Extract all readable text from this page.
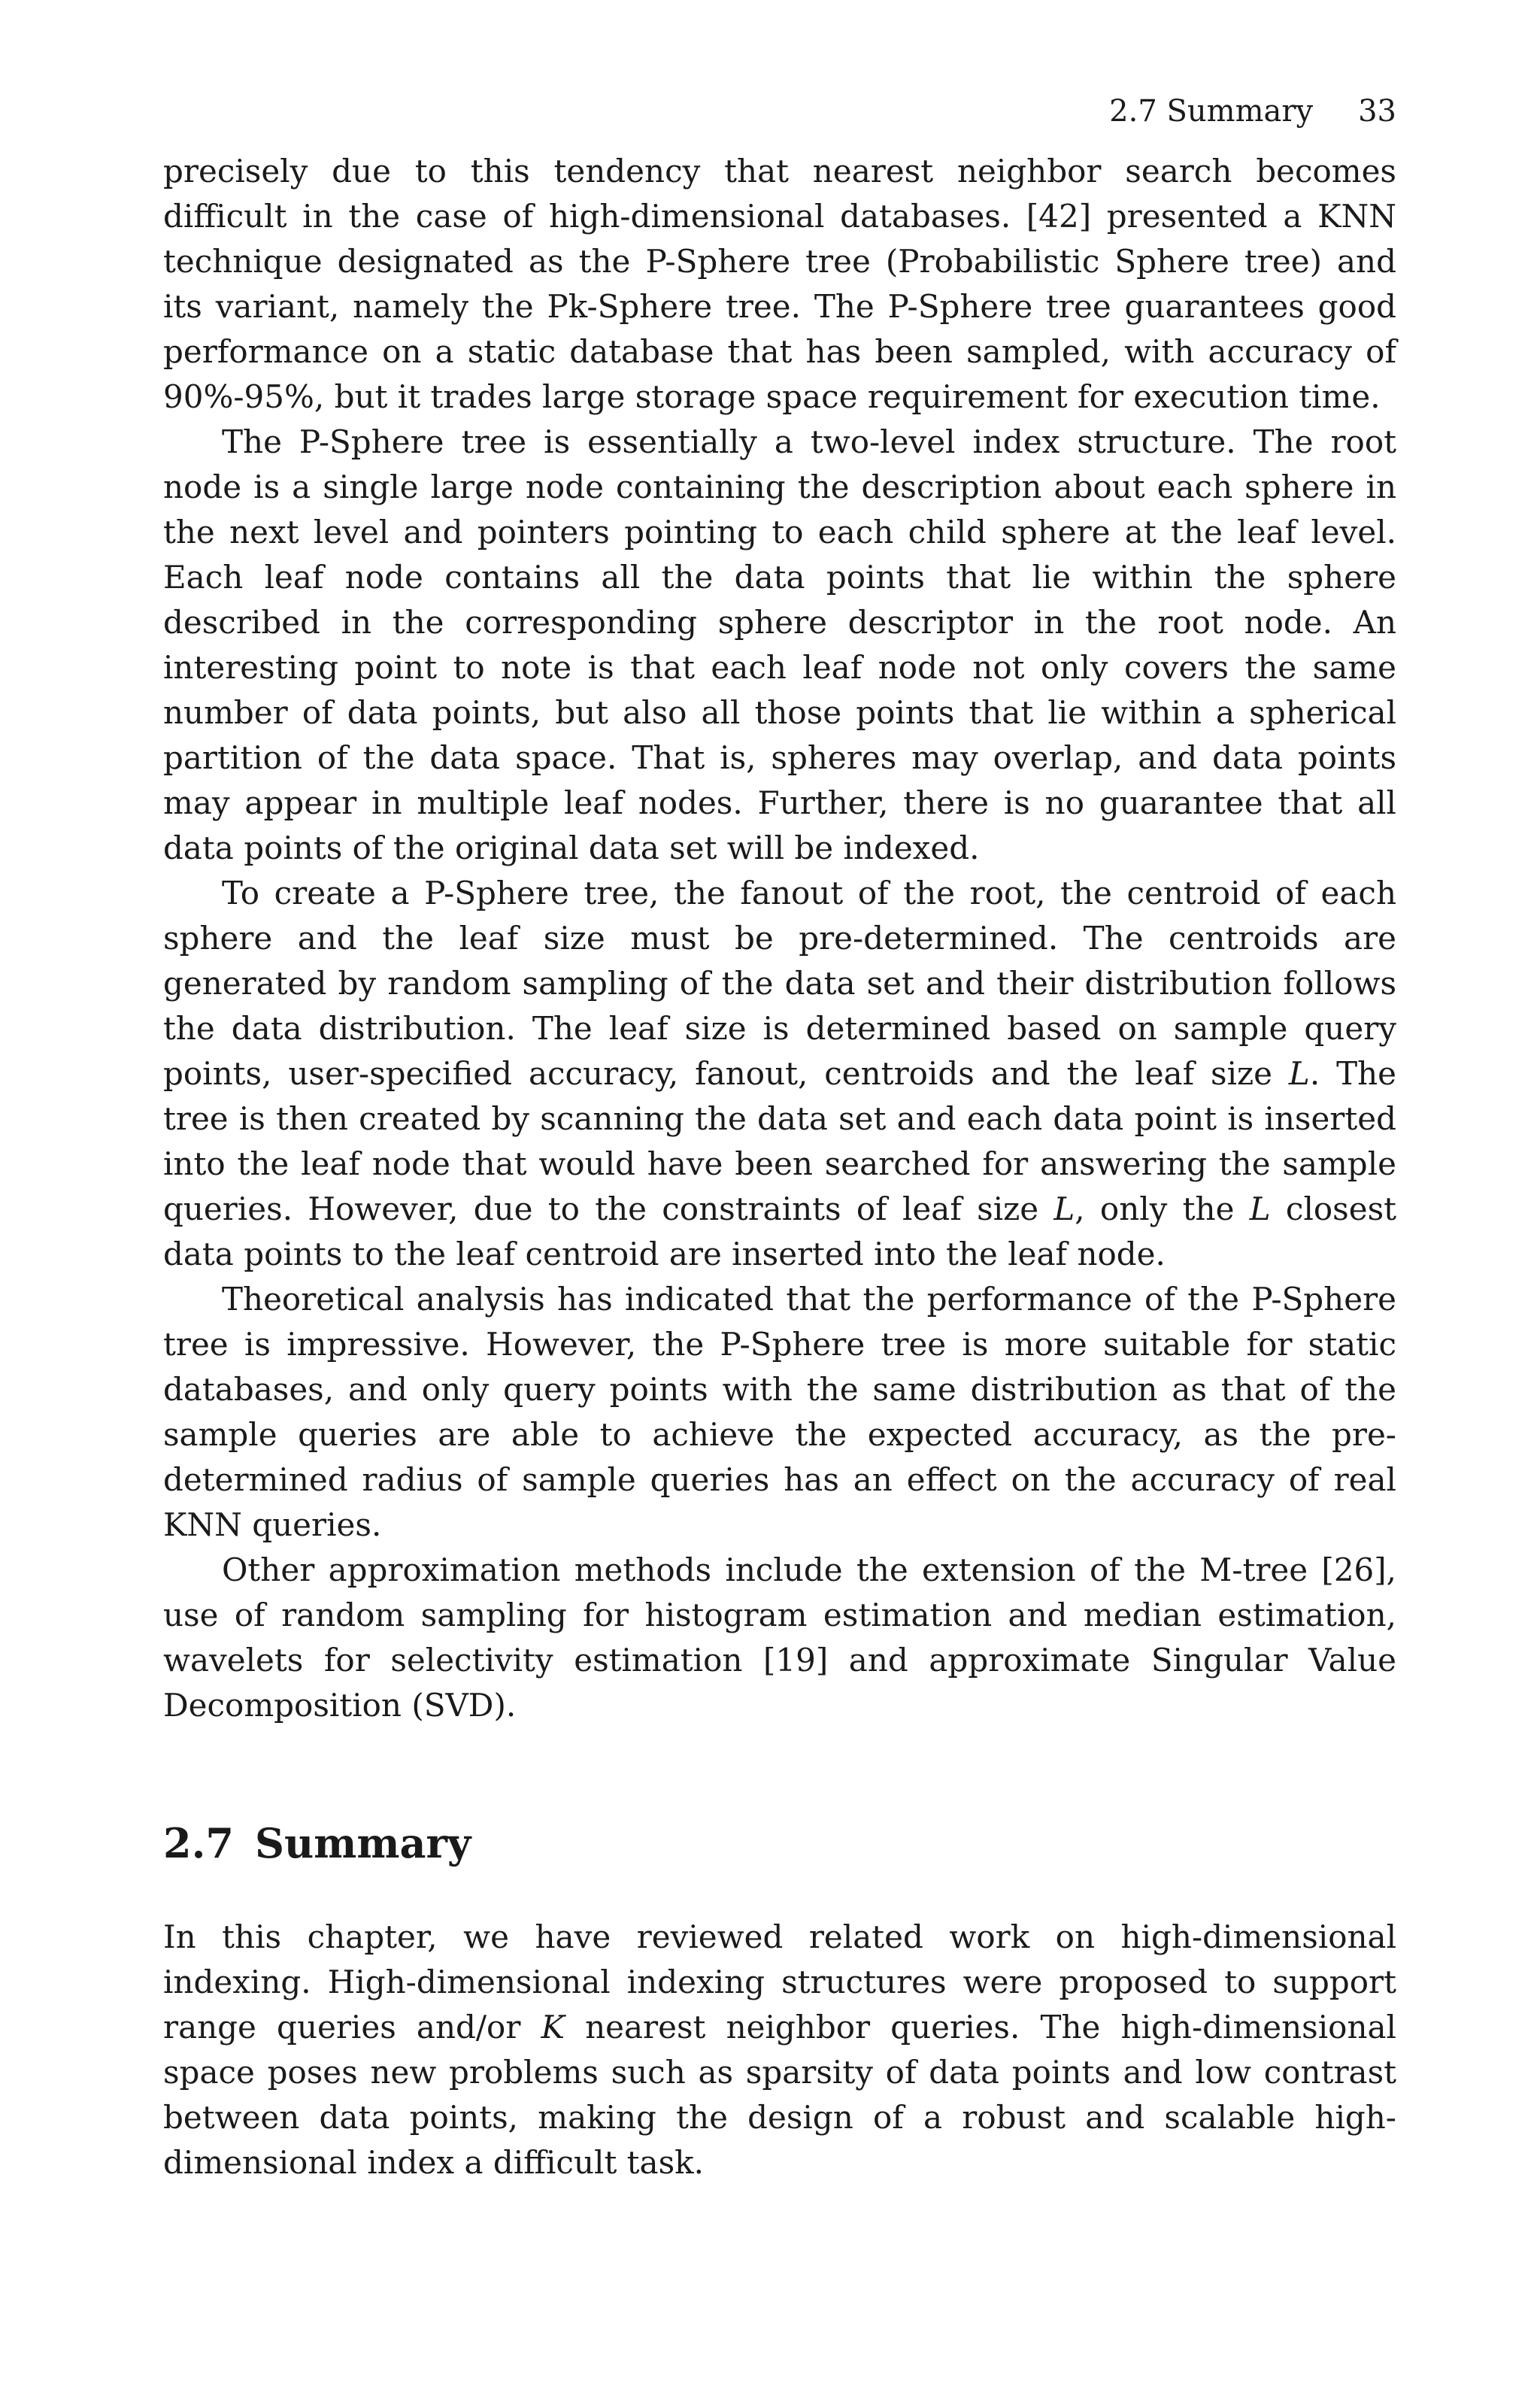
2.7 Summary 33

precisely due to this tendency that nearest neighbor search becomes difficult in the case of high-dimensional databases. [42] presented a KNN technique designated as the P-Sphere tree (Probabilistic Sphere tree) and its variant, namely the Pk-Sphere tree. The P-Sphere tree guarantees good performance on a static database that has been sampled, with accuracy of 90%-95%, but it trades large storage space requirement for execution time.

The P-Sphere tree is essentially a two-level index structure. The root node is a single large node containing the description about each sphere in the next level and pointers pointing to each child sphere at the leaf level. Each leaf node contains all the data points that lie within the sphere described in the corresponding sphere descriptor in the root node. An interesting point to note is that each leaf node not only covers the same number of data points, but also all those points that lie within a spherical partition of the data space. That is, spheres may overlap, and data points may appear in multiple leaf nodes. Further, there is no guarantee that all data points of the original data set will be indexed.

To create a P-Sphere tree, the fanout of the root, the centroid of each sphere and the leaf size must be pre-determined. The centroids are generated by random sampling of the data set and their distribution follows the data distribution. The leaf size is determined based on sample query points, user-specified accuracy, fanout, centroids and the leaf size L. The tree is then created by scanning the data set and each data point is inserted into the leaf node that would have been searched for answering the sample queries. However, due to the constraints of leaf size L, only the L closest data points to the leaf centroid are inserted into the leaf node.

Theoretical analysis has indicated that the performance of the P-Sphere tree is impressive. However, the P-Sphere tree is more suitable for static databases, and only query points with the same distribution as that of the sample queries are able to achieve the expected accuracy, as the pre-determined radius of sample queries has an effect on the accuracy of real KNN queries.

Other approximation methods include the extension of the M-tree [26], use of random sampling for histogram estimation and median estimation, wavelets for selectivity estimation [19] and approximate Singular Value Decomposition (SVD).

2.7 Summary

In this chapter, we have reviewed related work on high-dimensional indexing. High-dimensional indexing structures were proposed to support range queries and/or K nearest neighbor queries. The high-dimensional space poses new problems such as sparsity of data points and low contrast between data points, making the design of a robust and scalable high-dimensional index a difficult task.
